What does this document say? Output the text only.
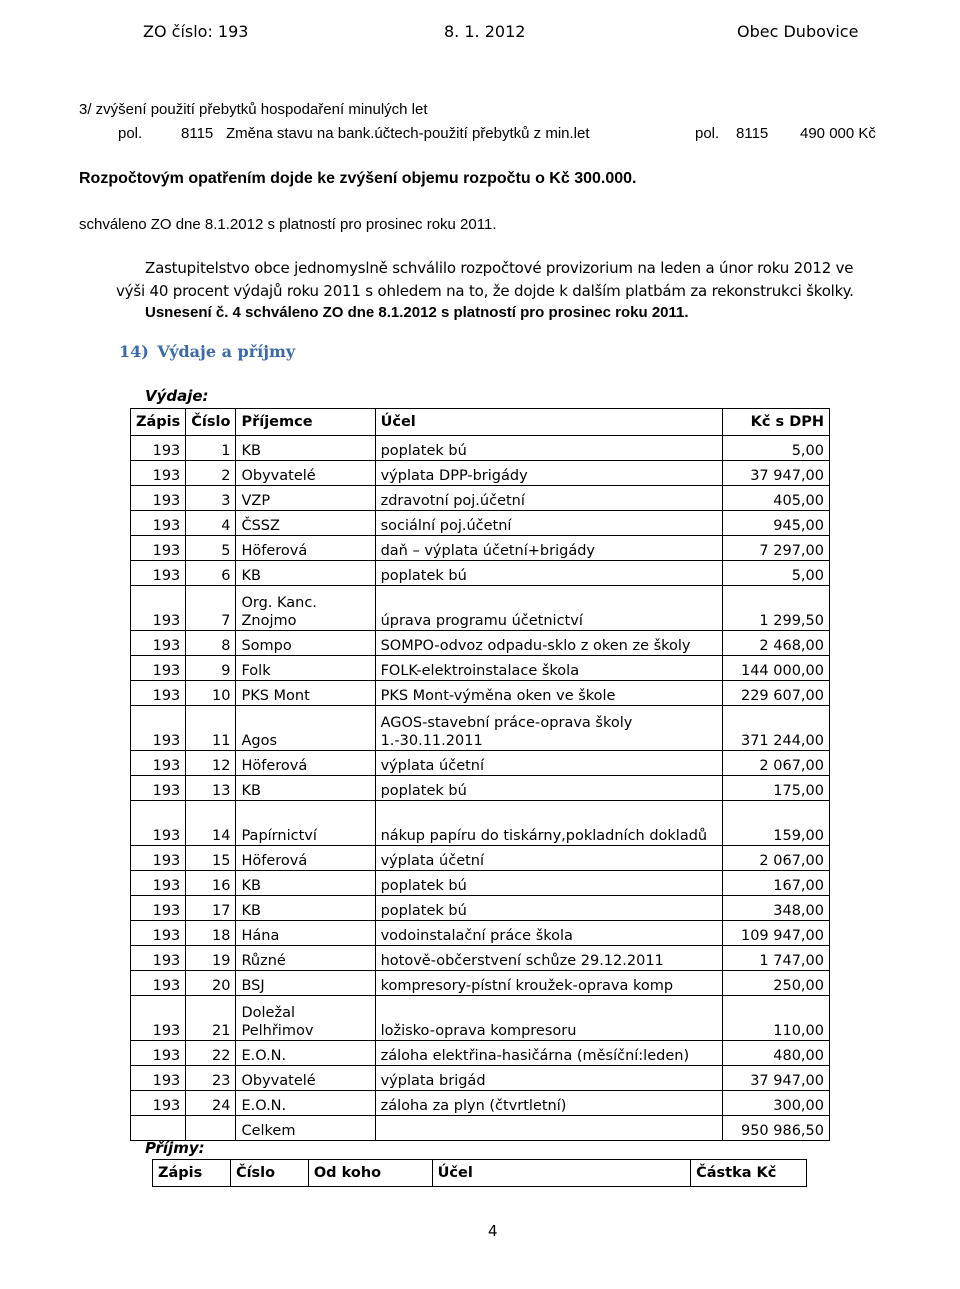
ZO číslo: 193	8. 1. 2012	Obec Dubovice
3/ zvýšení použití přebytků hospodaření minulých let
pol.	8115 Změna stavu na bank.účtech-použití přebytků z min.let	pol. 8115 490 000 Kč
Rozpočtovým opatřením dojde ke zvýšení objemu rozpočtu o Kč 300.000.
schváleno ZO dne 8.1.2012 s platností pro prosinec roku 2011.
Zastupitelstvo obce jednomyslně schválilo rozpočtové provizorium na leden a únor roku 2012 ve
výši 40 procent výdajů roku 2011 s ohledem na to, že dojde k dalším platbám za rekonstrukci školky.
Usnesení č. 4 schváleno ZO dne 8.1.2012 s platností pro prosinec roku 2011.
14) Výdaje a příjmy
Výdaje:
Zápis	Číslo	Příjemce	Účel	Kč s DPH
193	1	KB	poplatek bú	5,00
193	2	Obyvatelé	výplata DPP-brigády	37 947,00
193	3	VZP	zdravotní poj.účetní	405,00
193	4	ČSSZ	sociální poj.účetní	945,00
193	5	Höferová	daň – výplata účetní+brigády	7 297,00
193	6	KB	poplatek bú	5,00
193	7	Org. Kanc. Znojmo	úprava programu účetnictví	1 299,50
193	8	Sompo	SOMPO-odvoz odpadu-sklo z oken ze školy	2 468,00
193	9	Folk	FOLK-elektroinstalace škola	144 000,00
193	10	PKS Mont	PKS Mont-výměna oken ve škole	229 607,00
193	11	Agos	AGOS-stavební práce-oprava školy 1.-30.11.2011	371 244,00
193	12	Höferová	výplata účetní	2 067,00
193	13	KB	poplatek bú	175,00
193	14	Papírnictví	nákup papíru do tiskárny,pokladních dokladů	159,00
193	15	Höferová	výplata účetní	2 067,00
193	16	KB	poplatek bú	167,00
193	17	KB	poplatek bú	348,00
193	18	Hána	vodoinstalační práce škola	109 947,00
193	19	Různé	hotově-občerstvení schůze 29.12.2011	1 747,00
193	20	BSJ	kompresory-pístní kroužek-oprava komp	250,00
193	21	Doležal Pelhřimov	ložisko-oprava kompresoru	110,00
193	22	E.O.N.	záloha elektřina-hasičárna (měsíční:leden)	480,00
193	23	Obyvatelé	výplata brigád	37 947,00
193	24	E.O.N.	záloha za plyn (čtvrtletní)	300,00
		Celkem		950 986,50
Příjmy:
Zápis	Číslo	Od koho	Účel	Částka Kč
4
